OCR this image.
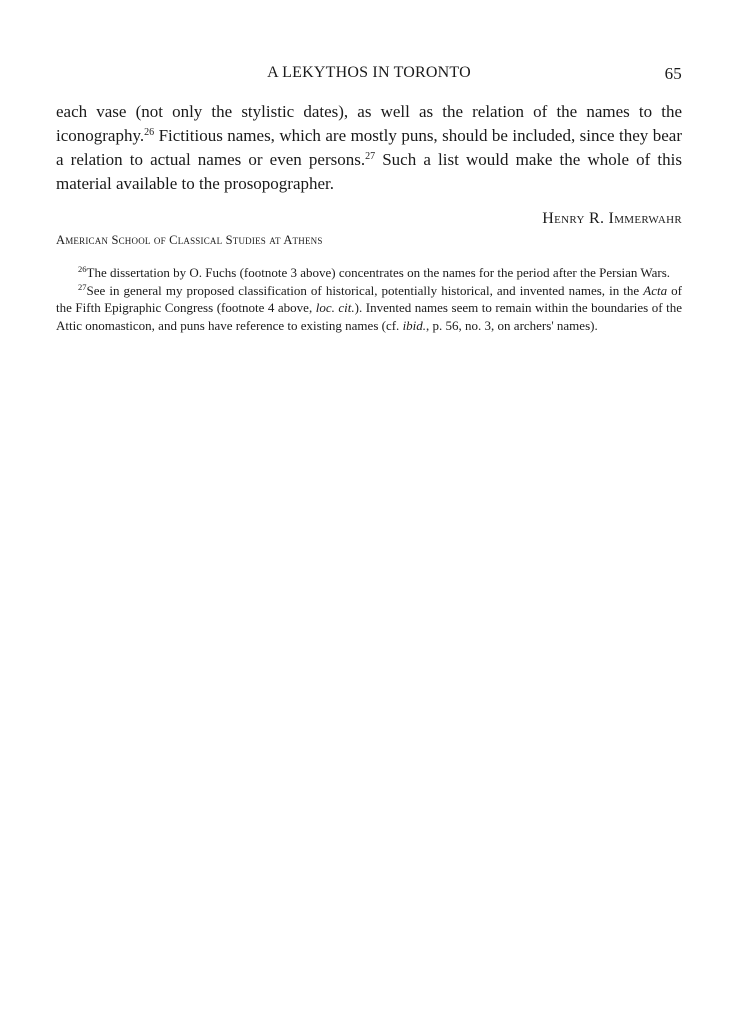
A LEKYTHOS IN TORONTO	65

each vase (not only the stylistic dates), as well as the relation of the names to the iconography.$^{26}$ Fictitious names, which are mostly puns, should be included, since they bear a relation to actual names or even persons.$^{27}$ Such a list would make the whole of this material available to the prosopographer.

Henry R. Immerwahr
American School of Classical Studies at Athens

$^{26}$The dissertation by O. Fuchs (footnote 3 above) concentrates on the names for the period after the Persian Wars.

$^{27}$See in general my proposed classification of historical, potentially historical, and invented names, in the Acta of the Fifth Epigraphic Congress (footnote 4 above, loc. cit.). Invented names seem to remain within the boundaries of the Attic onomasticon, and puns have reference to existing names (cf. ibid., p. 56, no. 3, on archers' names).
